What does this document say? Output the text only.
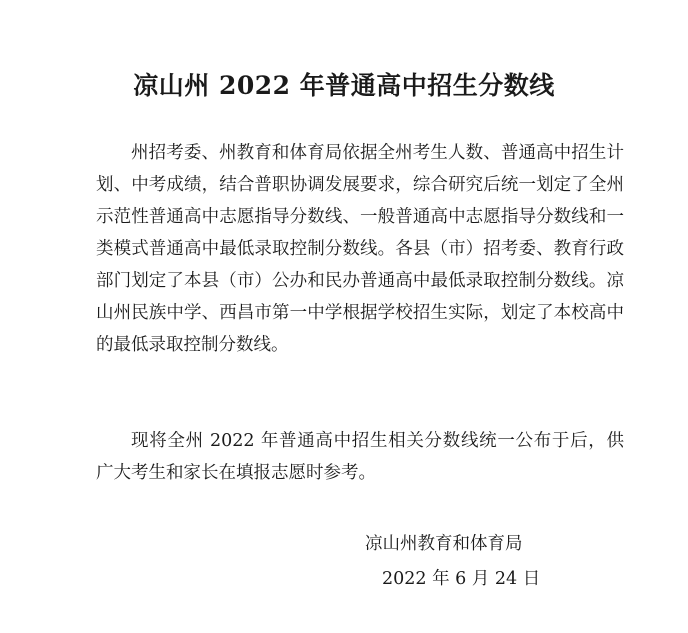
凉山州 2022 年普通高中招生分数线

州招考委、州教育和体育局依据全州考生人数、普通高中招生计划、中考成绩，结合普职协调发展要求，综合研究后统一划定了全州示范性普通高中志愿指导分数线、一般普通高中志愿指导分数线和一类模式普通高中最低录取控制分数线。各县（市）招考委、教育行政部门划定了本县（市）公办和民办普通高中最低录取控制分数线。凉山州民族中学、西昌市第一中学根据学校招生实际，划定了本校高中的最低录取控制分数线。

现将全州 2022 年普通高中招生相关分数线统一公布于后，供广大考生和家长在填报志愿时参考。

凉山州教育和体育局
2022 年 6 月 24 日
